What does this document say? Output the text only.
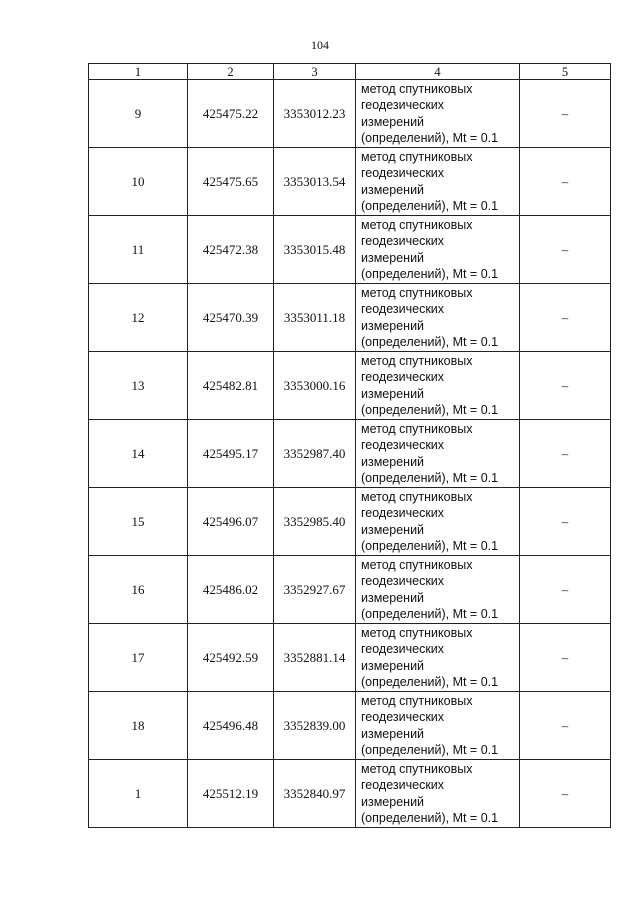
104
1	2	3	4	5
9	425475.22	3353012.23	метод спутниковых
геодезических
измерений
(определений), Mt = 0.1	–
10	425475.65	3353013.54	метод спутниковых
геодезических
измерений
(определений), Mt = 0.1	–
11	425472.38	3353015.48	метод спутниковых
геодезических
измерений
(определений), Mt = 0.1	–
12	425470.39	3353011.18	метод спутниковых
геодезических
измерений
(определений), Mt = 0.1	–
13	425482.81	3353000.16	метод спутниковых
геодезических
измерений
(определений), Mt = 0.1	–
14	425495.17	3352987.40	метод спутниковых
геодезических
измерений
(определений), Mt = 0.1	–
15	425496.07	3352985.40	метод спутниковых
геодезических
измерений
(определений), Mt = 0.1	–
16	425486.02	3352927.67	метод спутниковых
геодезических
измерений
(определений), Mt = 0.1	–
17	425492.59	3352881.14	метод спутниковых
геодезических
измерений
(определений), Mt = 0.1	–
18	425496.48	3352839.00	метод спутниковых
геодезических
измерений
(определений), Mt = 0.1	–
1	425512.19	3352840.97	метод спутниковых
геодезических
измерений
(определений), Mt = 0.1	–
